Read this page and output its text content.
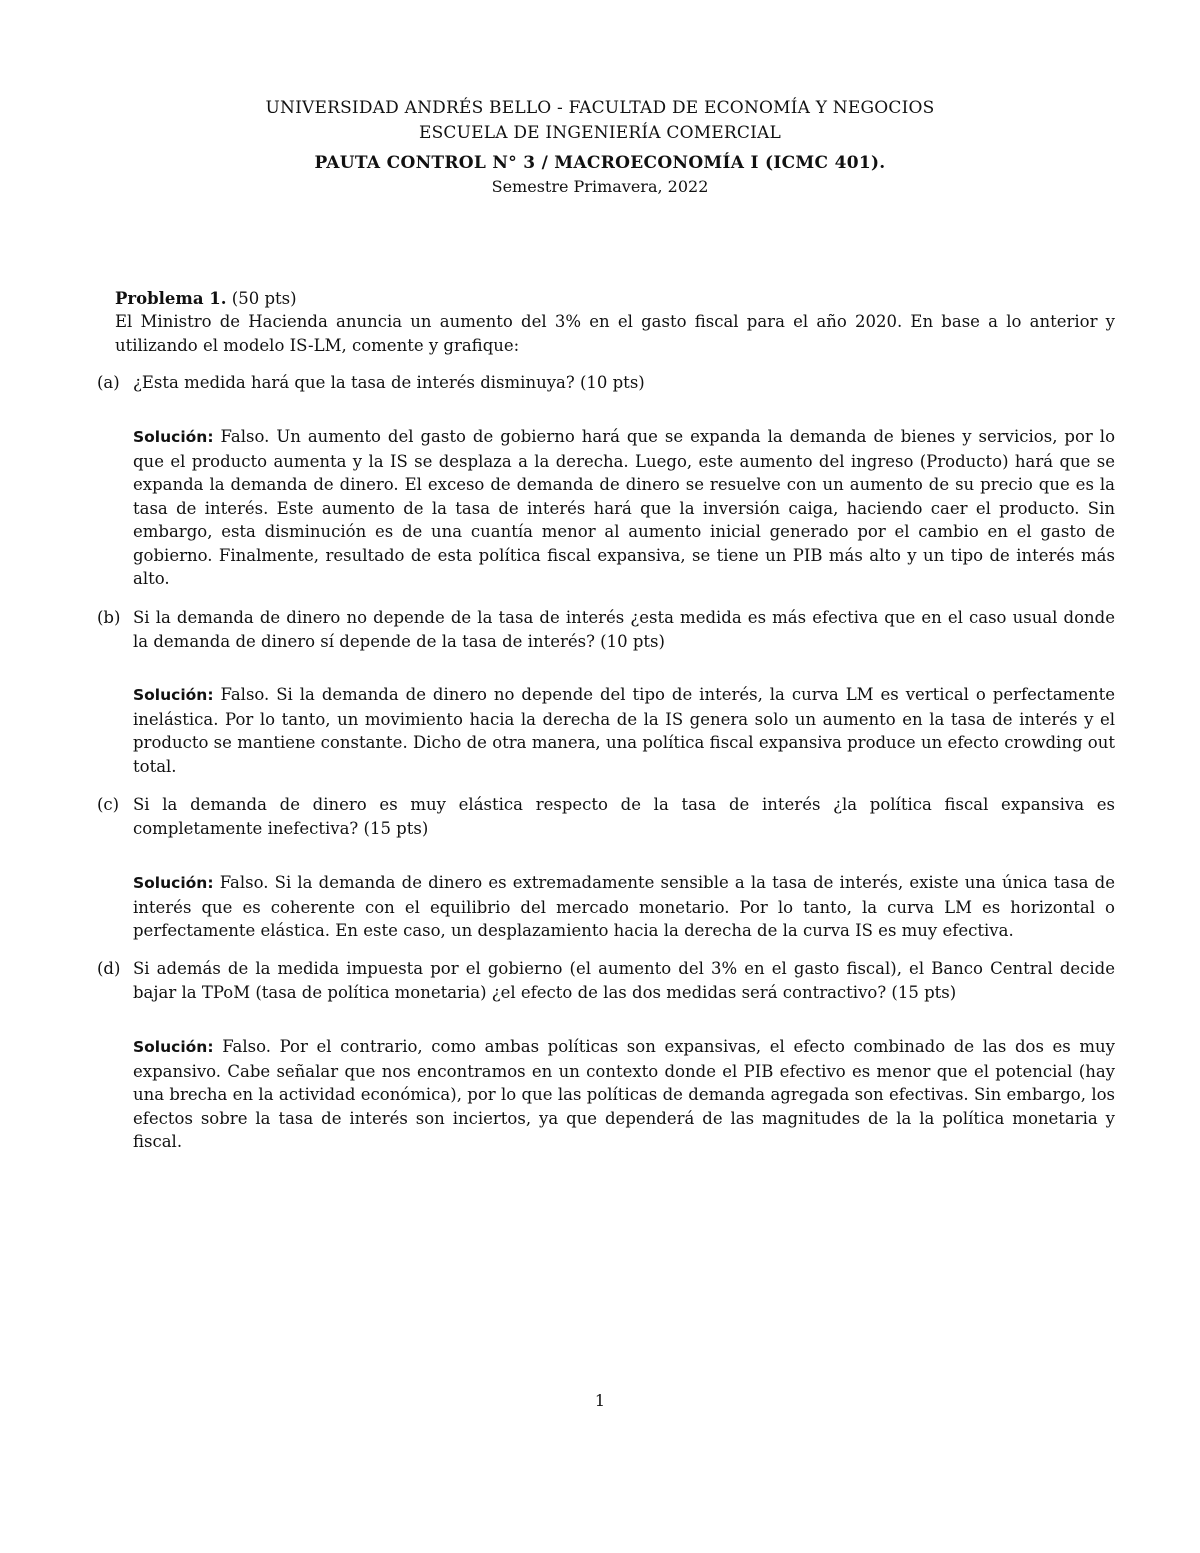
UNIVERSIDAD ANDRÉS BELLO - FACULTAD DE ECONOMÍA Y NEGOCIOS
ESCUELA DE INGENIERÍA COMERCIAL
PAUTA CONTROL N° 3 / MACROECONOMÍA I (ICMC 401).
Semestre Primavera, 2022
Problema 1. (50 pts)
El Ministro de Hacienda anuncia un aumento del 3% en el gasto fiscal para el año 2020. En base a lo anterior y utilizando el modelo IS-LM, comente y grafique:
(a) ¿Esta medida hará que la tasa de interés disminuya? (10 pts)
Solución: Falso. Un aumento del gasto de gobierno hará que se expanda la demanda de bienes y servicios, por lo que el producto aumenta y la IS se desplaza a la derecha. Luego, este aumento del ingreso (Producto) hará que se expanda la demanda de dinero. El exceso de demanda de dinero se resuelve con un aumento de su precio que es la tasa de interés. Este aumento de la tasa de interés hará que la inversión caiga, haciendo caer el producto. Sin embargo, esta disminución es de una cuantía menor al aumento inicial generado por el cambio en el gasto de gobierno. Finalmente, resultado de esta política fiscal expansiva, se tiene un PIB más alto y un tipo de interés más alto.
(b) Si la demanda de dinero no depende de la tasa de interés ¿esta medida es más efectiva que en el caso usual donde la demanda de dinero sí depende de la tasa de interés? (10 pts)
Solución: Falso. Si la demanda de dinero no depende del tipo de interés, la curva LM es vertical o perfectamente inelástica. Por lo tanto, un movimiento hacia la derecha de la IS genera solo un aumento en la tasa de interés y el producto se mantiene constante. Dicho de otra manera, una política fiscal expansiva produce un efecto crowding out total.
(c) Si la demanda de dinero es muy elástica respecto de la tasa de interés ¿la política fiscal expansiva es completamente inefectiva? (15 pts)
Solución: Falso. Si la demanda de dinero es extremadamente sensible a la tasa de interés, existe una única tasa de interés que es coherente con el equilibrio del mercado monetario. Por lo tanto, la curva LM es horizontal o perfectamente elástica. En este caso, un desplazamiento hacia la derecha de la curva IS es muy efectiva.
(d) Si además de la medida impuesta por el gobierno (el aumento del 3% en el gasto fiscal), el Banco Central decide bajar la TPoM (tasa de política monetaria) ¿el efecto de las dos medidas será contractivo? (15 pts)
Solución: Falso. Por el contrario, como ambas políticas son expansivas, el efecto combinado de las dos es muy expansivo. Cabe señalar que nos encontramos en un contexto donde el PIB efectivo es menor que el potencial (hay una brecha en la actividad económica), por lo que las políticas de demanda agregada son efectivas. Sin embargo, los efectos sobre la tasa de interés son inciertos, ya que dependerá de las magnitudes de la la política monetaria y fiscal.
1
